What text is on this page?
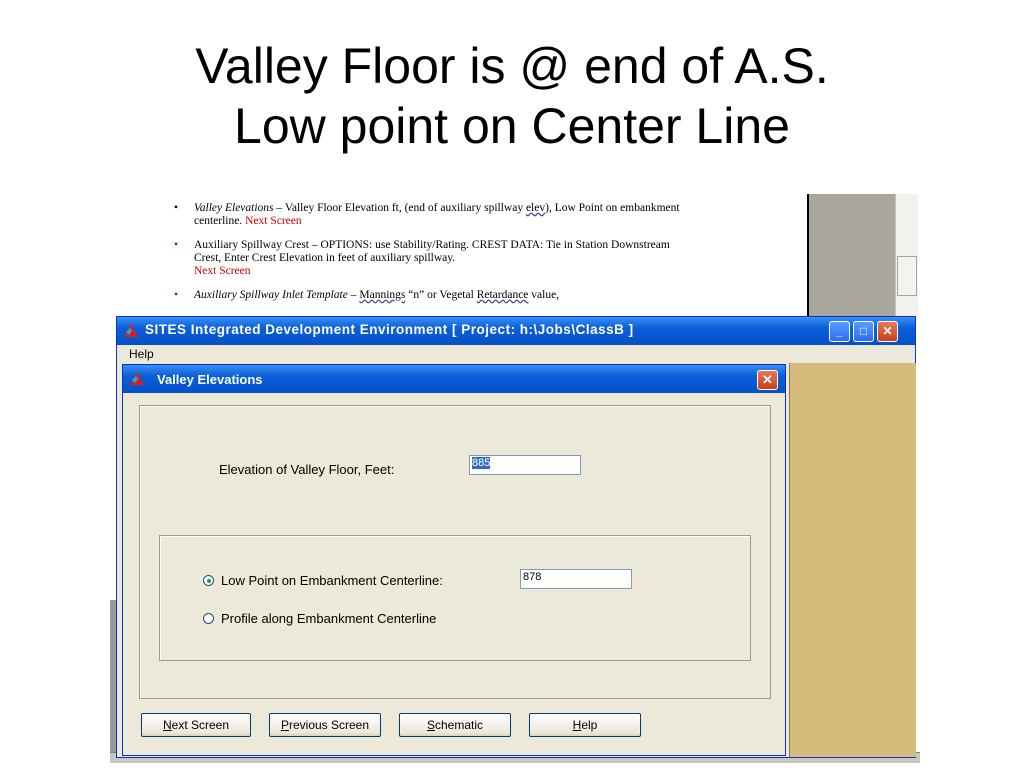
Valley Floor is @ end of A.S.
Low point on Center Line
• Valley Elevations – Valley Floor Elevation ft, (end of auxiliary spillway elev), Low Point on embankment centerline. Next Screen
• Auxiliary Spillway Crest – OPTIONS: use Stability/Rating. CREST DATA: Tie in Station Downstream Crest, Enter Crest Elevation in feet of auxiliary spillway.
Next Screen
• Auxiliary Spillway Inlet Template – Mannings “n” or Vegetal Retardance value,
SITES Integrated Development Environment [ Project: h:\Jobs\ClassB ]	_	□	✕
Help
Valley Elevations	✕
Elevation of Valley Floor, Feet:	885
Low Point on Embankment Centerline:	878
Profile along Embankment Centerline
Next Screen	Previous Screen	Schematic	Help
